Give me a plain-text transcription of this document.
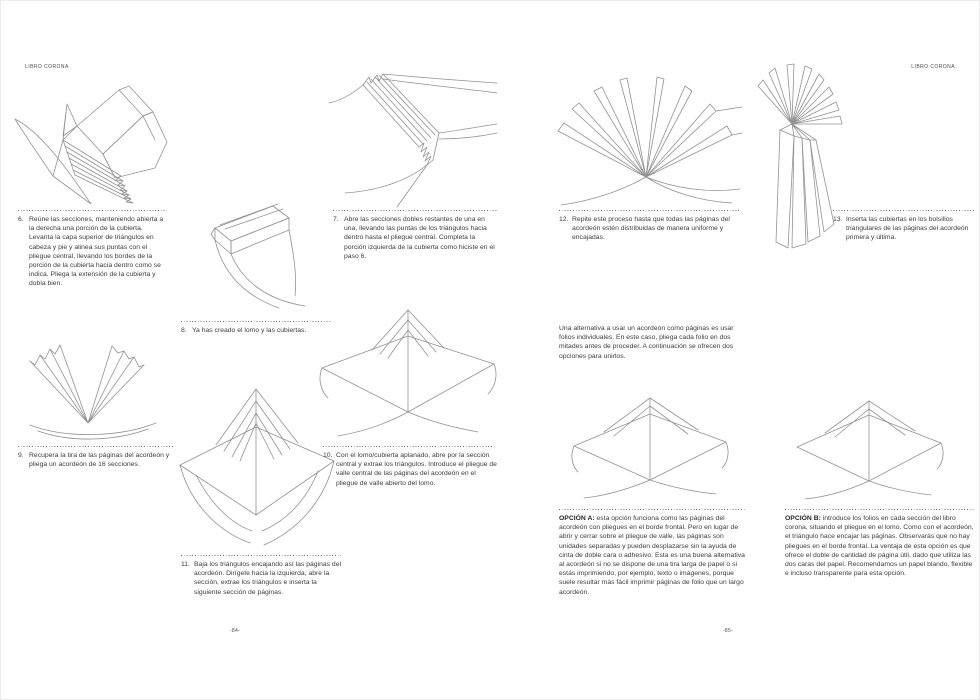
LIBRO CORONA	LIBRO CORONA
6. Reúne las secciones, manteniendo abierta a la derecha una porción de la cubierta. Levanta la capa superior de triángulos en cabeza y pie y alinea sus puntas con el pliegue central, llevando los bordes de la porción de la cubierta hacia dentro como se indica. Pliega la extensión de la cubierta y dobla bien.
7. Abre las secciones dobles restantes de una en una, llevando las puntas de los triángulos hacia dentro hasta el pliegue central. Completa la porción izquierda de la cubierta como hiciste en el paso 6.
8. Ya has creado el lomo y las cubiertas.
9. Recupera la tira de las páginas del acordeón y pliega un acordeón de 16 secciones.
10. Con el lomo/cubierta aplanado, abre por la sección central y extrae los triángulos. Introduce el pliegue de valle central de las páginas del acordeón en el pliegue de valle abierto del lomo.
11. Baja los triángulos encajando así las páginas del acordeón. Dirígete hacia la izquierda, abre la sección, extrae los triángulos e inserta la siguiente sección de páginas.
-84-
12. Repite este proceso hasta que todas las páginas del acordeón estén distribuidas de manera uniforme y encajadas.
13. Inserta las cubiertas en los bolsillos triangulares de las páginas del acordeón primera y última.
Una alternativa a usar un acordeón como páginas es usar folios individuales. En este caso, pliega cada folio en dos mitades antes de proceder. A continuación se ofrecen dos opciones para unirlos.
OPCIÓN A: esta opción funciona como las páginas del acordeón con pliegues en el borde frontal. Pero en lugar de abrir y cerrar sobre el pliegue de valle, las páginas son unidades separadas y pueden desplazarse sin la ayuda de cinta de doble cara o adhesivo. Esta es una buena alternativa al acordeón si no se dispone de una tira larga de papel o si estás imprimiendo, por ejemplo, texto o imágenes, porque suele resultar más fácil imprimir páginas de folio que un largo acordeón.
OPCIÓN B: introduce los folios en cada sección del libro corona, situando el pliegue en el lomo. Como con el acordeón, el triángulo hace encajar las páginas. Observarás que no hay pliegues en el borde frontal. La ventaja de esta opción es que ofrece el doble de cantidad de página útil, dado que utiliza las dos caras del papel. Recomendamos un papel blando, flexible e incluso transparente para esta opción.
-85-
